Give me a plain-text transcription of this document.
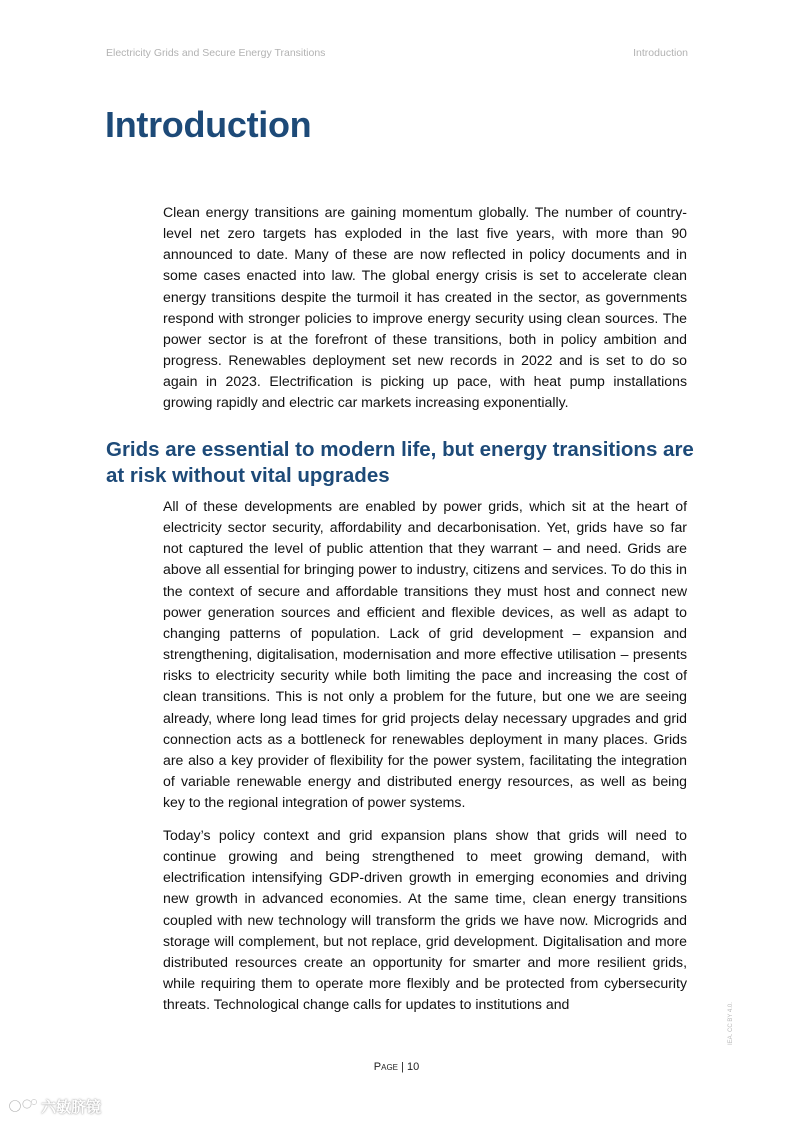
Electricity Grids and Secure Energy Transitions	Introduction
Introduction

Clean energy transitions are gaining momentum globally. The number of country-level net zero targets has exploded in the last five years, with more than 90 announced to date. Many of these are now reflected in policy documents and in some cases enacted into law. The global energy crisis is set to accelerate clean energy transitions despite the turmoil it has created in the sector, as governments respond with stronger policies to improve energy security using clean sources. The power sector is at the forefront of these transitions, both in policy ambition and progress. Renewables deployment set new records in 2022 and is set to do so again in 2023. Electrification is picking up pace, with heat pump installations growing rapidly and electric car markets increasing exponentially.

Grids are essential to modern life, but energy transitions are at risk without vital upgrades

All of these developments are enabled by power grids, which sit at the heart of electricity sector security, affordability and decarbonisation. Yet, grids have so far not captured the level of public attention that they warrant – and need. Grids are above all essential for bringing power to industry, citizens and services. To do this in the context of secure and affordable transitions they must host and connect new power generation sources and efficient and flexible devices, as well as adapt to changing patterns of population. Lack of grid development – expansion and strengthening, digitalisation, modernisation and more effective utilisation – presents risks to electricity security while both limiting the pace and increasing the cost of clean transitions. This is not only a problem for the future, but one we are seeing already, where long lead times for grid projects delay necessary upgrades and grid connection acts as a bottleneck for renewables deployment in many places. Grids are also a key provider of flexibility for the power system, facilitating the integration of variable renewable energy and distributed energy resources, as well as being key to the regional integration of power systems.

Today’s policy context and grid expansion plans show that grids will need to continue growing and being strengthened to meet growing demand, with electrification intensifying GDP-driven growth in emerging economies and driving new growth in advanced economies. At the same time, clean energy transitions coupled with new technology will transform the grids we have now. Microgrids and storage will complement, but not replace, grid development. Digitalisation and more distributed resources create an opportunity for smarter and more resilient grids, while requiring them to operate more flexibly and be protected from cybersecurity threats. Technological change calls for updates to institutions and

Page | 10
IEA. CC BY 4.0.
六敏脐镜
